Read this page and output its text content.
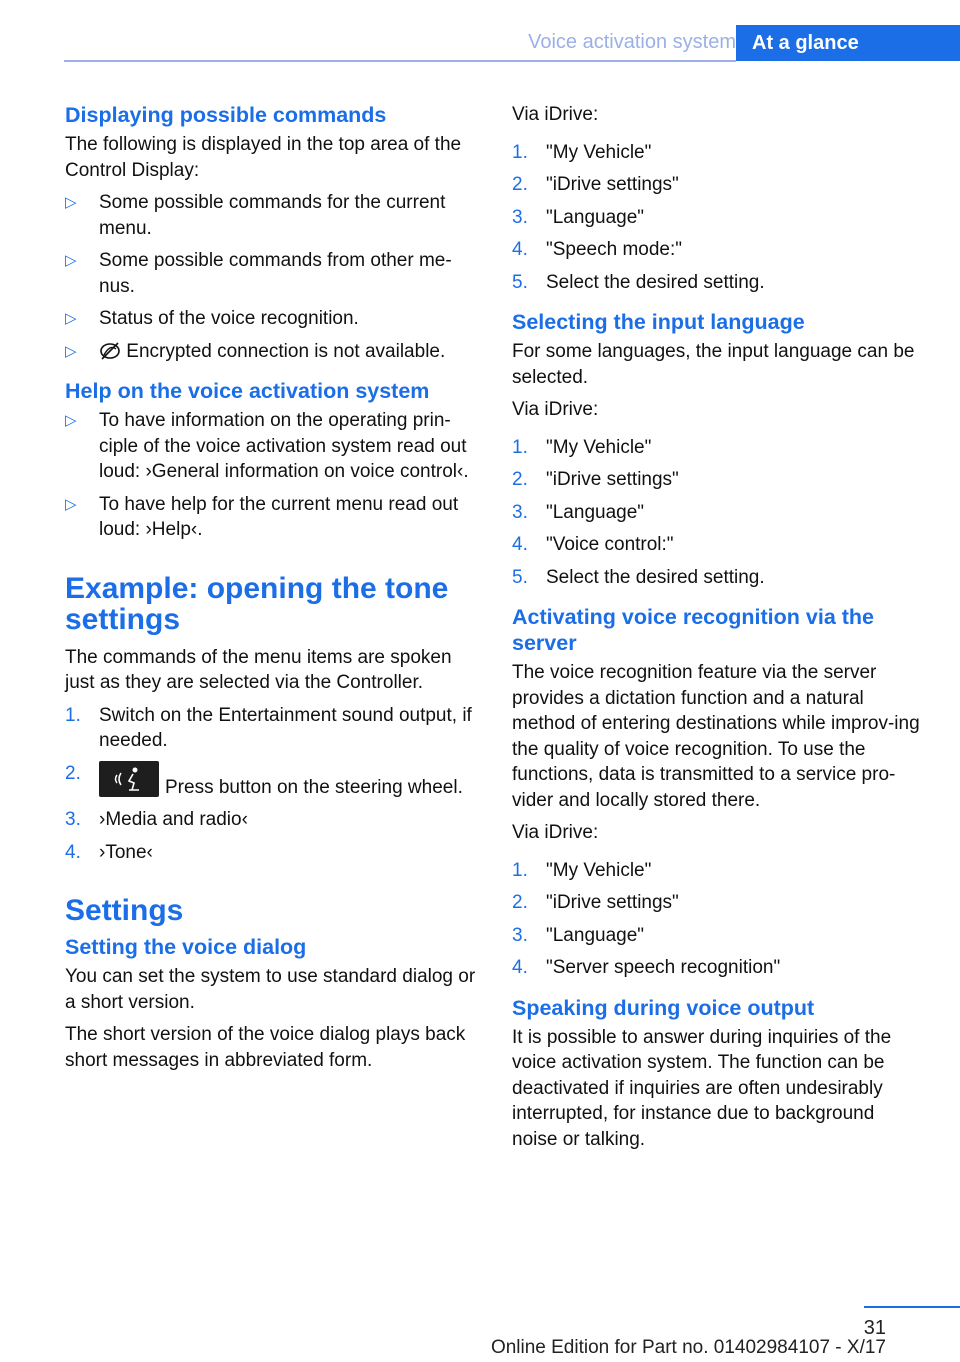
Voice activation system At a glance
Displaying possible commands

The following is displayed in the top area of the Control Display:

▷ Some possible commands for the current menu.
▷ Some possible commands from other me‐nus.
▷ Status of the voice recognition.
▷	Encrypted connection is not available.
Help on the voice activation system
▷ To have information on the operating prin‐ciple of the voice activation system read out loud: ›General information on voice control‹.
▷ To have help for the current menu read out loud: ›Help‹.
Example: opening the tone settings

The commands of the menu items are spoken just as they are selected via the Controller.

1. Switch on the Entertainment sound output, if needed.
2.
Press button on the steering wheel.
3. ›Media and radio‹
4. ›Tone‹
Settings
Setting the voice dialog

You can set the system to use standard dialog or a short version.

The short version of the voice dialog plays back short messages in abbreviated form.

Via iDrive:

1. "My Vehicle"
2. "iDrive settings"
3. "Language"
4. "Speech mode:"
5. Select the desired setting.
Selecting the input language

For some languages, the input language can be selected.

Via iDrive:

1. "My Vehicle"
2. "iDrive settings"
3. "Language"
4. "Voice control:"
5. Select the desired setting.
Activating voice recognition via the server

The voice recognition feature via the server provides a dictation function and a natural method of entering destinations while improv‐ing the quality of voice recognition. To use the functions, data is transmitted to a service pro‐vider and locally stored there.

Via iDrive:

1. "My Vehicle"
2. "iDrive settings"
3. "Language"
4. "Server speech recognition"
Speaking during voice output

It is possible to answer during inquiries of the voice activation system. The function can be deactivated if inquiries are often undesirably interrupted, for instance due to background noise or talking.

31
Online Edition for Part no. 01402984107 - X/17
